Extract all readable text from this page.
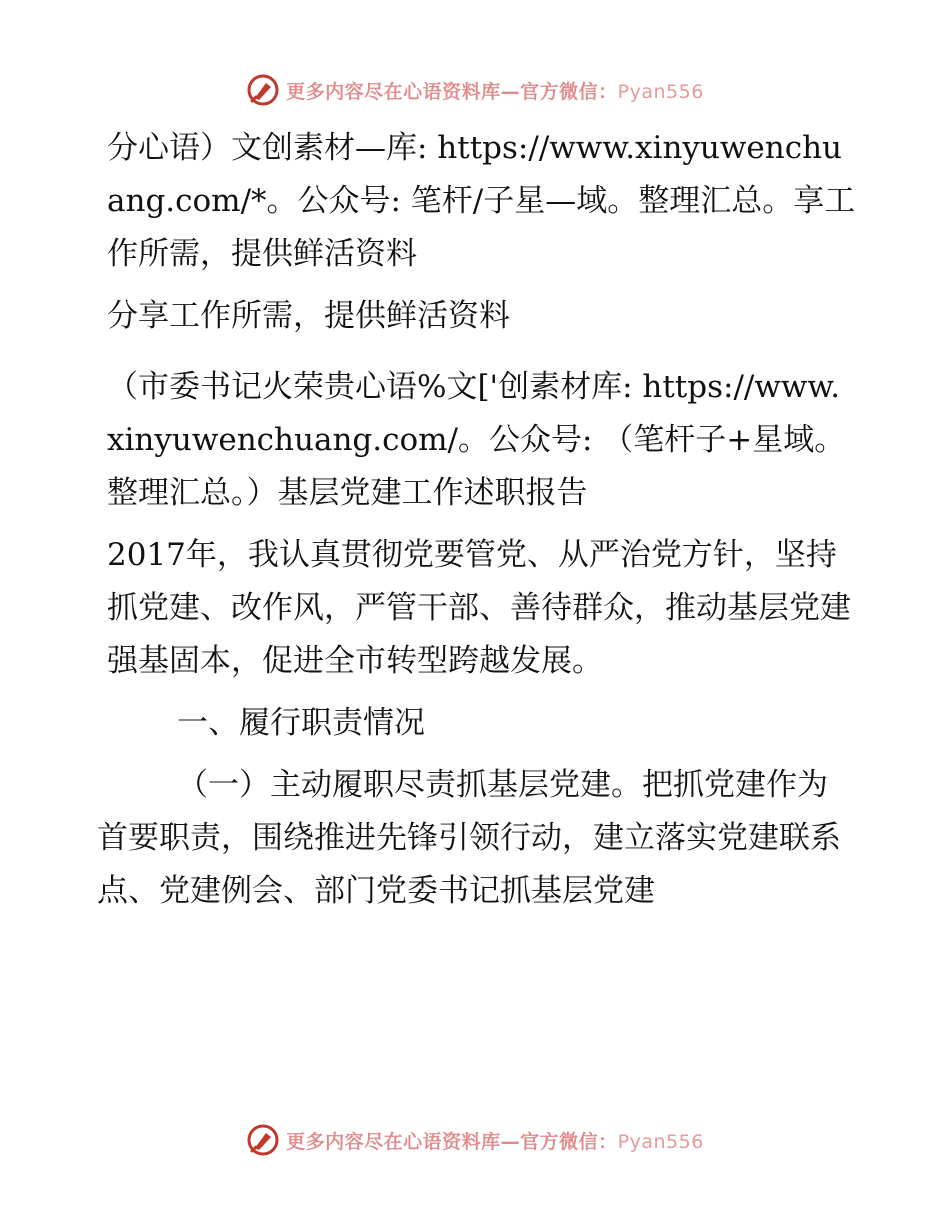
更多内容尽在心语资料库—官方微信：Pyan556

分心语）文创素材—库: https://www.xinyuwenchuang.com/*。公众号: 笔杆/子星—域。整理汇总。享工作所需，提供鲜活资料

分享工作所需，提供鲜活资料

（市委书记火荣贵心语%文['创素材库: https://www.xinyuwenchuang.com/。公众号: （笔杆子+星域。整理汇总。）基层党建工作述职报告

2017年，我认真贯彻党要管党、从严治党方针，坚持抓党建、改作风，严管干部、善待群众，推动基层党建强基固本，促进全市转型跨越发展。

一、履行职责情况

（一）主动履职尽责抓基层党建。把抓党建作为首要职责，围绕推进先锋引领行动，建立落实党建联系点、党建例会、部门党委书记抓基层党建

更多内容尽在心语资料库—官方微信：Pyan556
